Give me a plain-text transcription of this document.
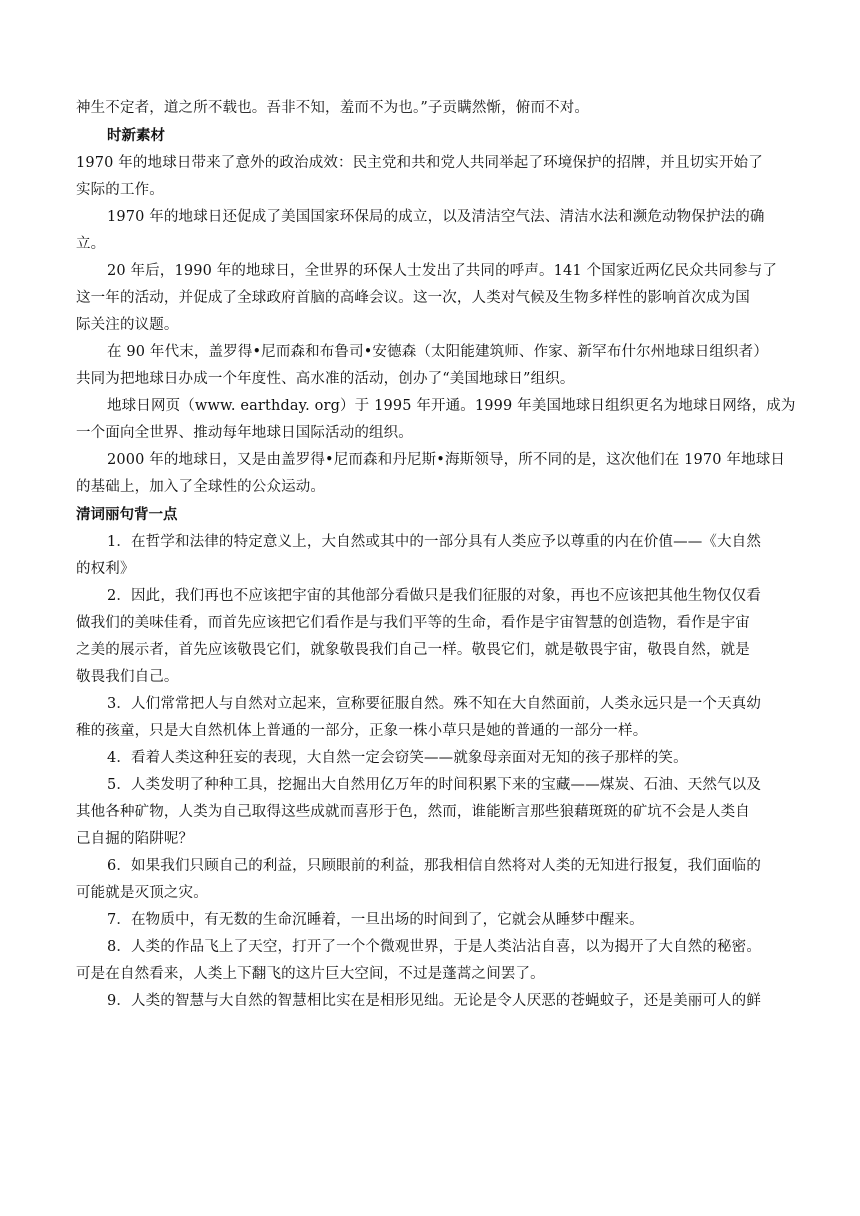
神生不定者，道之所不载也。吾非不知，羞而不为也。”子贡瞒然惭，俯而不对。
时新素材
1970 年的地球日带来了意外的政治成效：民主党和共和党人共同举起了环境保护的招牌，并且切实开始了
实际的工作。
1970 年的地球日还促成了美国国家环保局的成立，以及清洁空气法、清洁水法和濒危动物保护法的确
立。
20 年后，1990 年的地球日，全世界的环保人士发出了共同的呼声。141 个国家近两亿民众共同参与了
这一年的活动，并促成了全球政府首脑的高峰会议。这一次，人类对气候及生物多样性的影响首次成为国
际关注的议题。
在 90 年代末，盖罗得•尼而森和布鲁司•安德森（太阳能建筑师、作家、新罕布什尔州地球日组织者）
共同为把地球日办成一个年度性、高水准的活动，创办了“美国地球日”组织。
地球日网页（www. earthday. org）于 1995 年开通。1999 年美国地球日组织更名为地球日网络，成为
一个面向全世界、推动每年地球日国际活动的组织。
2000 年的地球日，又是由盖罗得•尼而森和丹尼斯•海斯领导，所不同的是，这次他们在 1970 年地球日
的基础上，加入了全球性的公众运动。
清词丽句背一点
1．在哲学和法律的特定意义上，大自然或其中的一部分具有人类应予以尊重的内在价值——《大自然
的权利》
2．因此，我们再也不应该把宇宙的其他部分看做只是我们征服的对象，再也不应该把其他生物仅仅看
做我们的美味佳肴，而首先应该把它们看作是与我们平等的生命，看作是宇宙智慧的创造物，看作是宇宙
之美的展示者，首先应该敬畏它们，就象敬畏我们自己一样。敬畏它们，就是敬畏宇宙，敬畏自然，就是
敬畏我们自己。
3．人们常常把人与自然对立起来，宣称要征服自然。殊不知在大自然面前，人类永远只是一个天真幼
稚的孩童，只是大自然机体上普通的一部分，正象一株小草只是她的普通的一部分一样。
4．看着人类这种狂妄的表现，大自然一定会窃笑——就象母亲面对无知的孩子那样的笑。
5．人类发明了种种工具，挖掘出大自然用亿万年的时间积累下来的宝藏——煤炭、石油、天然气以及
其他各种矿物，人类为自己取得这些成就而喜形于色，然而，谁能断言那些狼藉斑斑的矿坑不会是人类自
己自掘的陷阱呢？
6．如果我们只顾自己的利益，只顾眼前的利益，那我相信自然将对人类的无知进行报复，我们面临的
可能就是灭顶之灾。
7．在物质中，有无数的生命沉睡着，一旦出场的时间到了，它就会从睡梦中醒来。
8．人类的作品飞上了天空，打开了一个个微观世界，于是人类沾沾自喜，以为揭开了大自然的秘密。
可是在自然看来，人类上下翻飞的这片巨大空间，不过是蓬蒿之间罢了。
9．人类的智慧与大自然的智慧相比实在是相形见绌。无论是令人厌恶的苍蝇蚊子，还是美丽可人的鲜
